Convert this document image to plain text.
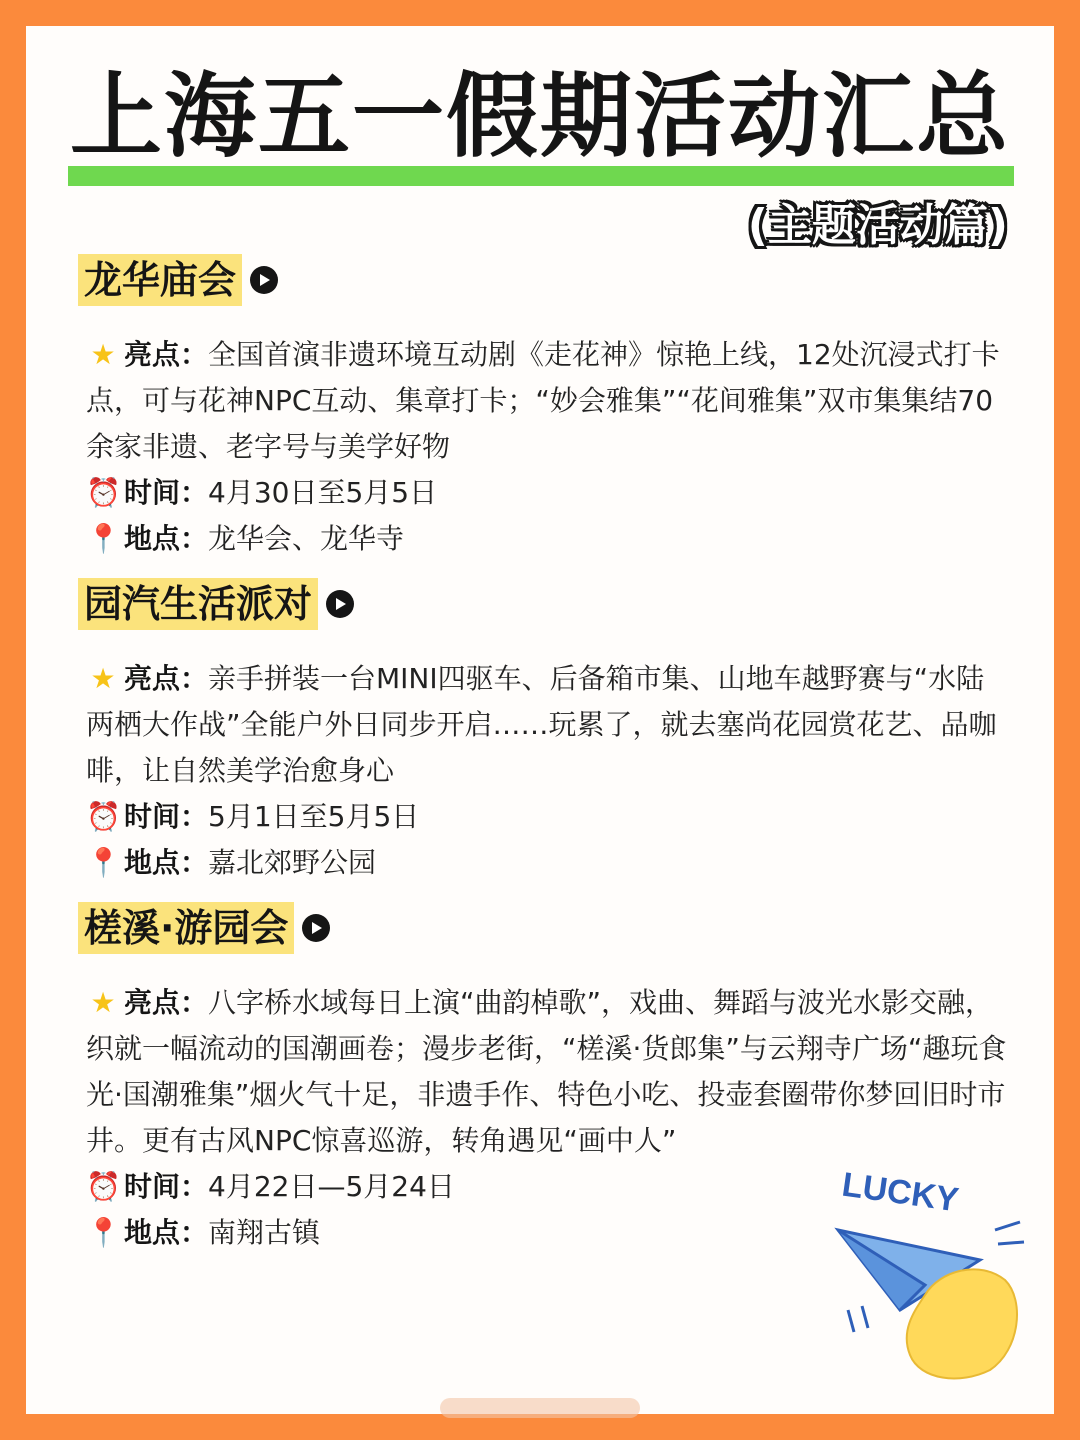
上海五一假期活动汇总
(主题活动篇)
龙华庙会
★ 亮点：全国首演非遗环境互动剧《走花神》惊艳上线，12处沉浸式打卡点，可与花神NPC互动、集章打卡；“妙会雅集”“花间雅集”双市集集结70余家非遗、老字号与美学好物
⏰ 时间： 4月30日至5月5日
📍 地点： 龙华会、龙华寺
园汽生活派对
★ 亮点：亲手拼装一台MINI四驱车、后备箱市集、山地车越野赛与“水陆两栖大作战”全能户外日同步开启……玩累了，就去塞尚花园赏花艺、品咖啡，让自然美学治愈身心
⏰ 时间： 5月1日至5月5日
📍 地点： 嘉北郊野公园
槎溪·游园会
★ 亮点：八字桥水域每日上演“曲韵棹歌”，戏曲、舞蹈与波光水影交融，织就一幅流动的国潮画卷；漫步老街，“槎溪·货郎集”与云翔寺广场“趣玩食光·国潮雅集”烟火气十足，非遗手作、特色小吃、投壶套圈带你梦回旧时市井。更有古风NPC惊喜巡游，转角遇见“画中人”
⏰ 时间： 4月22日—5月24日
📍 地点： 南翔古镇
LUCKY
